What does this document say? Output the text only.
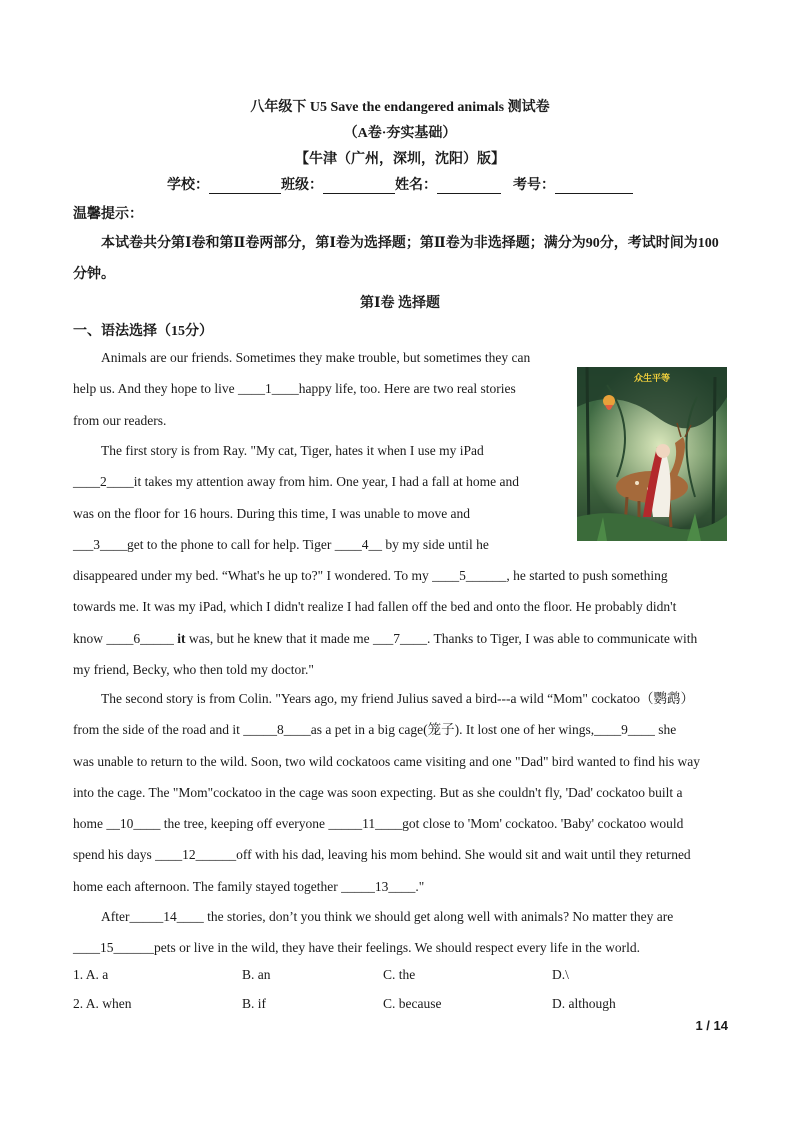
八年级下 U5 Save the endangered animals 测试卷
（A卷·夯实基础）
【牛津（广州，深圳，沈阳）版】
学校：	班级：	姓名：	考号：
温馨提示：
本试卷共分第Ⅰ卷和第Ⅱ卷两部分，第Ⅰ卷为选择题；第Ⅱ卷为非选择题；满分为90分，考试时间为100分钟。
第Ⅰ卷 选择题
一、语法选择（15分）
Animals are our friends. Sometimes they make trouble, but sometimes they can
help us. And they hope to live ____1____happy life, too. Here are two real stories
from our readers.
众生平等
The first story is from Ray. "My cat, Tiger, hates it when I use my iPad
____2____it takes my attention away from him. One year, I had a fall at home and
was on the floor for 16 hours. During this time, I was unable to move and
___3____get to the phone to call for help. Tiger ____4__ by my side until he
disappeared under my bed. “What's he up to?" I wondered. To my ____5______, he started to push something
towards me. It was my iPad, which I didn't realize I had fallen off the bed and onto the floor. He probably didn't
know ____6_____ it was, but he knew that it made me ___7____. Thanks to Tiger, I was able to communicate with
my friend, Becky, who then told my doctor."
The second story is from Colin. "Years ago, my friend Julius saved a bird---a wild “Mom" cockatoo（鹦鹉）
from the side of the road and it _____8____as a pet in a big cage(笼子). It lost one of her wings,____9____ she
was unable to return to the wild. Soon, two wild cockatoos came visiting and one "Dad" bird wanted to find his way
into the cage. The "Mom"cockatoo in the cage was soon expecting. But as she couldn't fly, 'Dad' cockatoo built a
home __10____ the tree, keeping off everyone _____11____got close to 'Mom' cockatoo. 'Baby' cockatoo would
spend his days ____12______off with his dad, leaving his mom behind. She would sit and wait until they returned
home each afternoon. The family stayed together _____13____."
After_____14____ the stories, don’t you think we should get along well with animals? No matter they are
____15______pets or live in the wild, they have their feelings. We should respect every life in the world.
1. A. a	B. an	C. the	D.\
2. A. when	B. if	C. because	D. although
1 / 14
